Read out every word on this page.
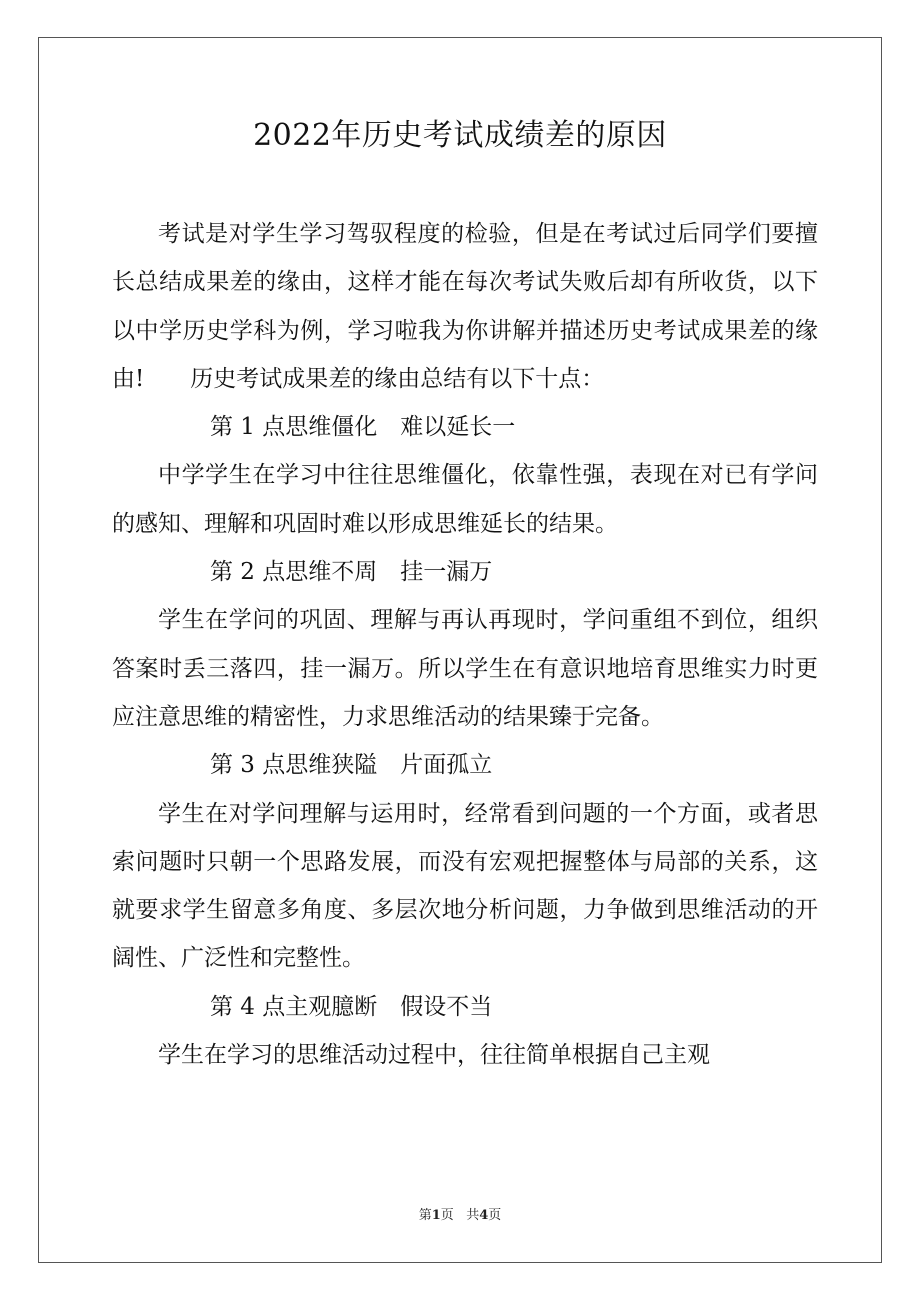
2022年历史考试成绩差的原因

考试是对学生学习驾驭程度的检验，但是在考试过后同学们要擅长总结成果差的缘由，这样才能在每次考试失败后却有所收货，以下以中学历史学科为例，学习啦我为你讲解并描述历史考试成果差的缘由!　　历史考试成果差的缘由总结有以下十点：

第 1 点思维僵化　难以延长一

中学学生在学习中往往思维僵化，依靠性强，表现在对已有学问的感知、理解和巩固时难以形成思维延长的结果。

第 2 点思维不周　挂一漏万

学生在学问的巩固、理解与再认再现时，学问重组不到位，组织答案时丢三落四，挂一漏万。所以学生在有意识地培育思维实力时更应注意思维的精密性，力求思维活动的结果臻于完备。

第 3 点思维狭隘　片面孤立

学生在对学问理解与运用时，经常看到问题的一个方面，或者思索问题时只朝一个思路发展，而没有宏观把握整体与局部的关系，这就要求学生留意多角度、多层次地分析问题，力争做到思维活动的开阔性、广泛性和完整性。

第 4 点主观臆断　假设不当

学生在学习的思维活动过程中，往往简单根据自己主观

第1页 共4页
